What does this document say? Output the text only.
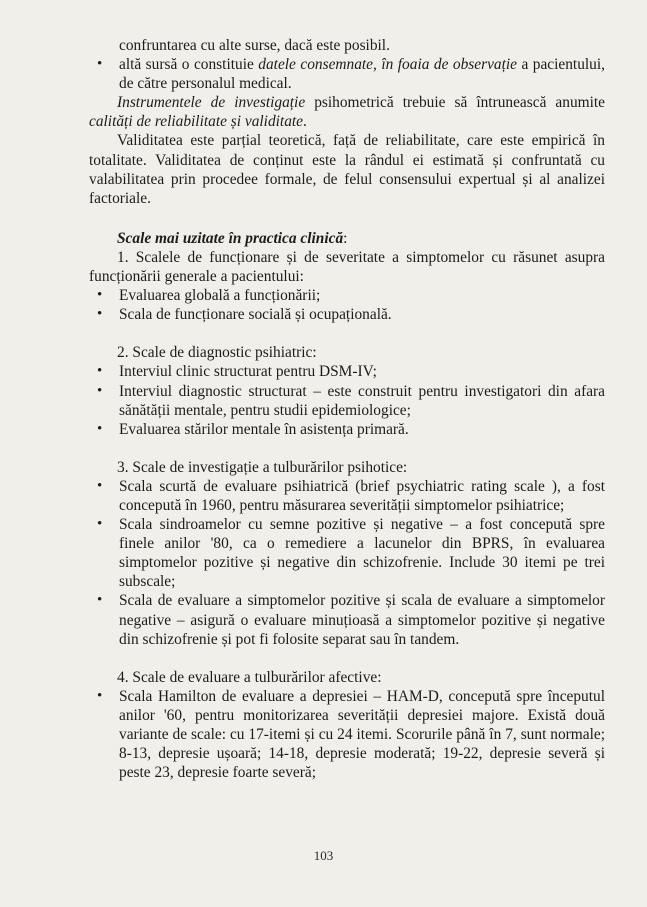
confruntarea cu alte surse, dacă este posibil.

• altă sursă o constituie datele consemnate, în foaia de observație a pacientului, de către personalul medical.

Instrumentele de investigație psihometrică trebuie să întrunească anumite calități de reliabilitate și validitate.

Validitatea este parțial teoretică, față de reliabilitate, care este empirică în totalitate. Validitatea de conținut este la rândul ei estimată și confruntată cu valabilitatea prin procedee formale, de felul consensului expertual și al analizei factoriale.

Scale mai uzitate în practica clinică:

1. Scalele de funcționare și de severitate a simptomelor cu răsunet asupra funcționării generale a pacientului:

• Evaluarea globală a funcționării;
• Scala de funcționare socială și ocupațională.

2. Scale de diagnostic psihiatric:

• Interviul clinic structurat pentru DSM-IV;
• Interviul diagnostic structurat – este construit pentru investigatori din afara sănătății mentale, pentru studii epidemiologice;
• Evaluarea stărilor mentale în asistența primară.

3. Scale de investigație a tulburărilor psihotice:

• Scala scurtă de evaluare psihiatrică (brief psychiatric rating scale ), a fost concepută în 1960, pentru măsurarea severității simptomelor psihiatrice;
• Scala sindroamelor cu semne pozitive și negative – a fost concepută spre finele anilor '80, ca o remediere a lacunelor din BPRS, în evaluarea simptomelor pozitive și negative din schizofrenie. Include 30 itemi pe trei subscale;
• Scala de evaluare a simptomelor pozitive și scala de evaluare a simptomelor negative – asigură o evaluare minuțioasă a simptomelor pozitive și negative din schizofrenie și pot fi folosite separat sau în tandem.

4. Scale de evaluare a tulburărilor afective:

• Scala Hamilton de evaluare a depresiei – HAM-D, concepută spre începutul anilor '60, pentru monitorizarea severității depresiei majore. Există două variante de scale: cu 17-itemi și cu 24 itemi. Scorurile până în 7, sunt normale; 8-13, depresie ușoară; 14-18, depresie moderată; 19-22, depresie severă și peste 23, depresie foarte severă;
103
